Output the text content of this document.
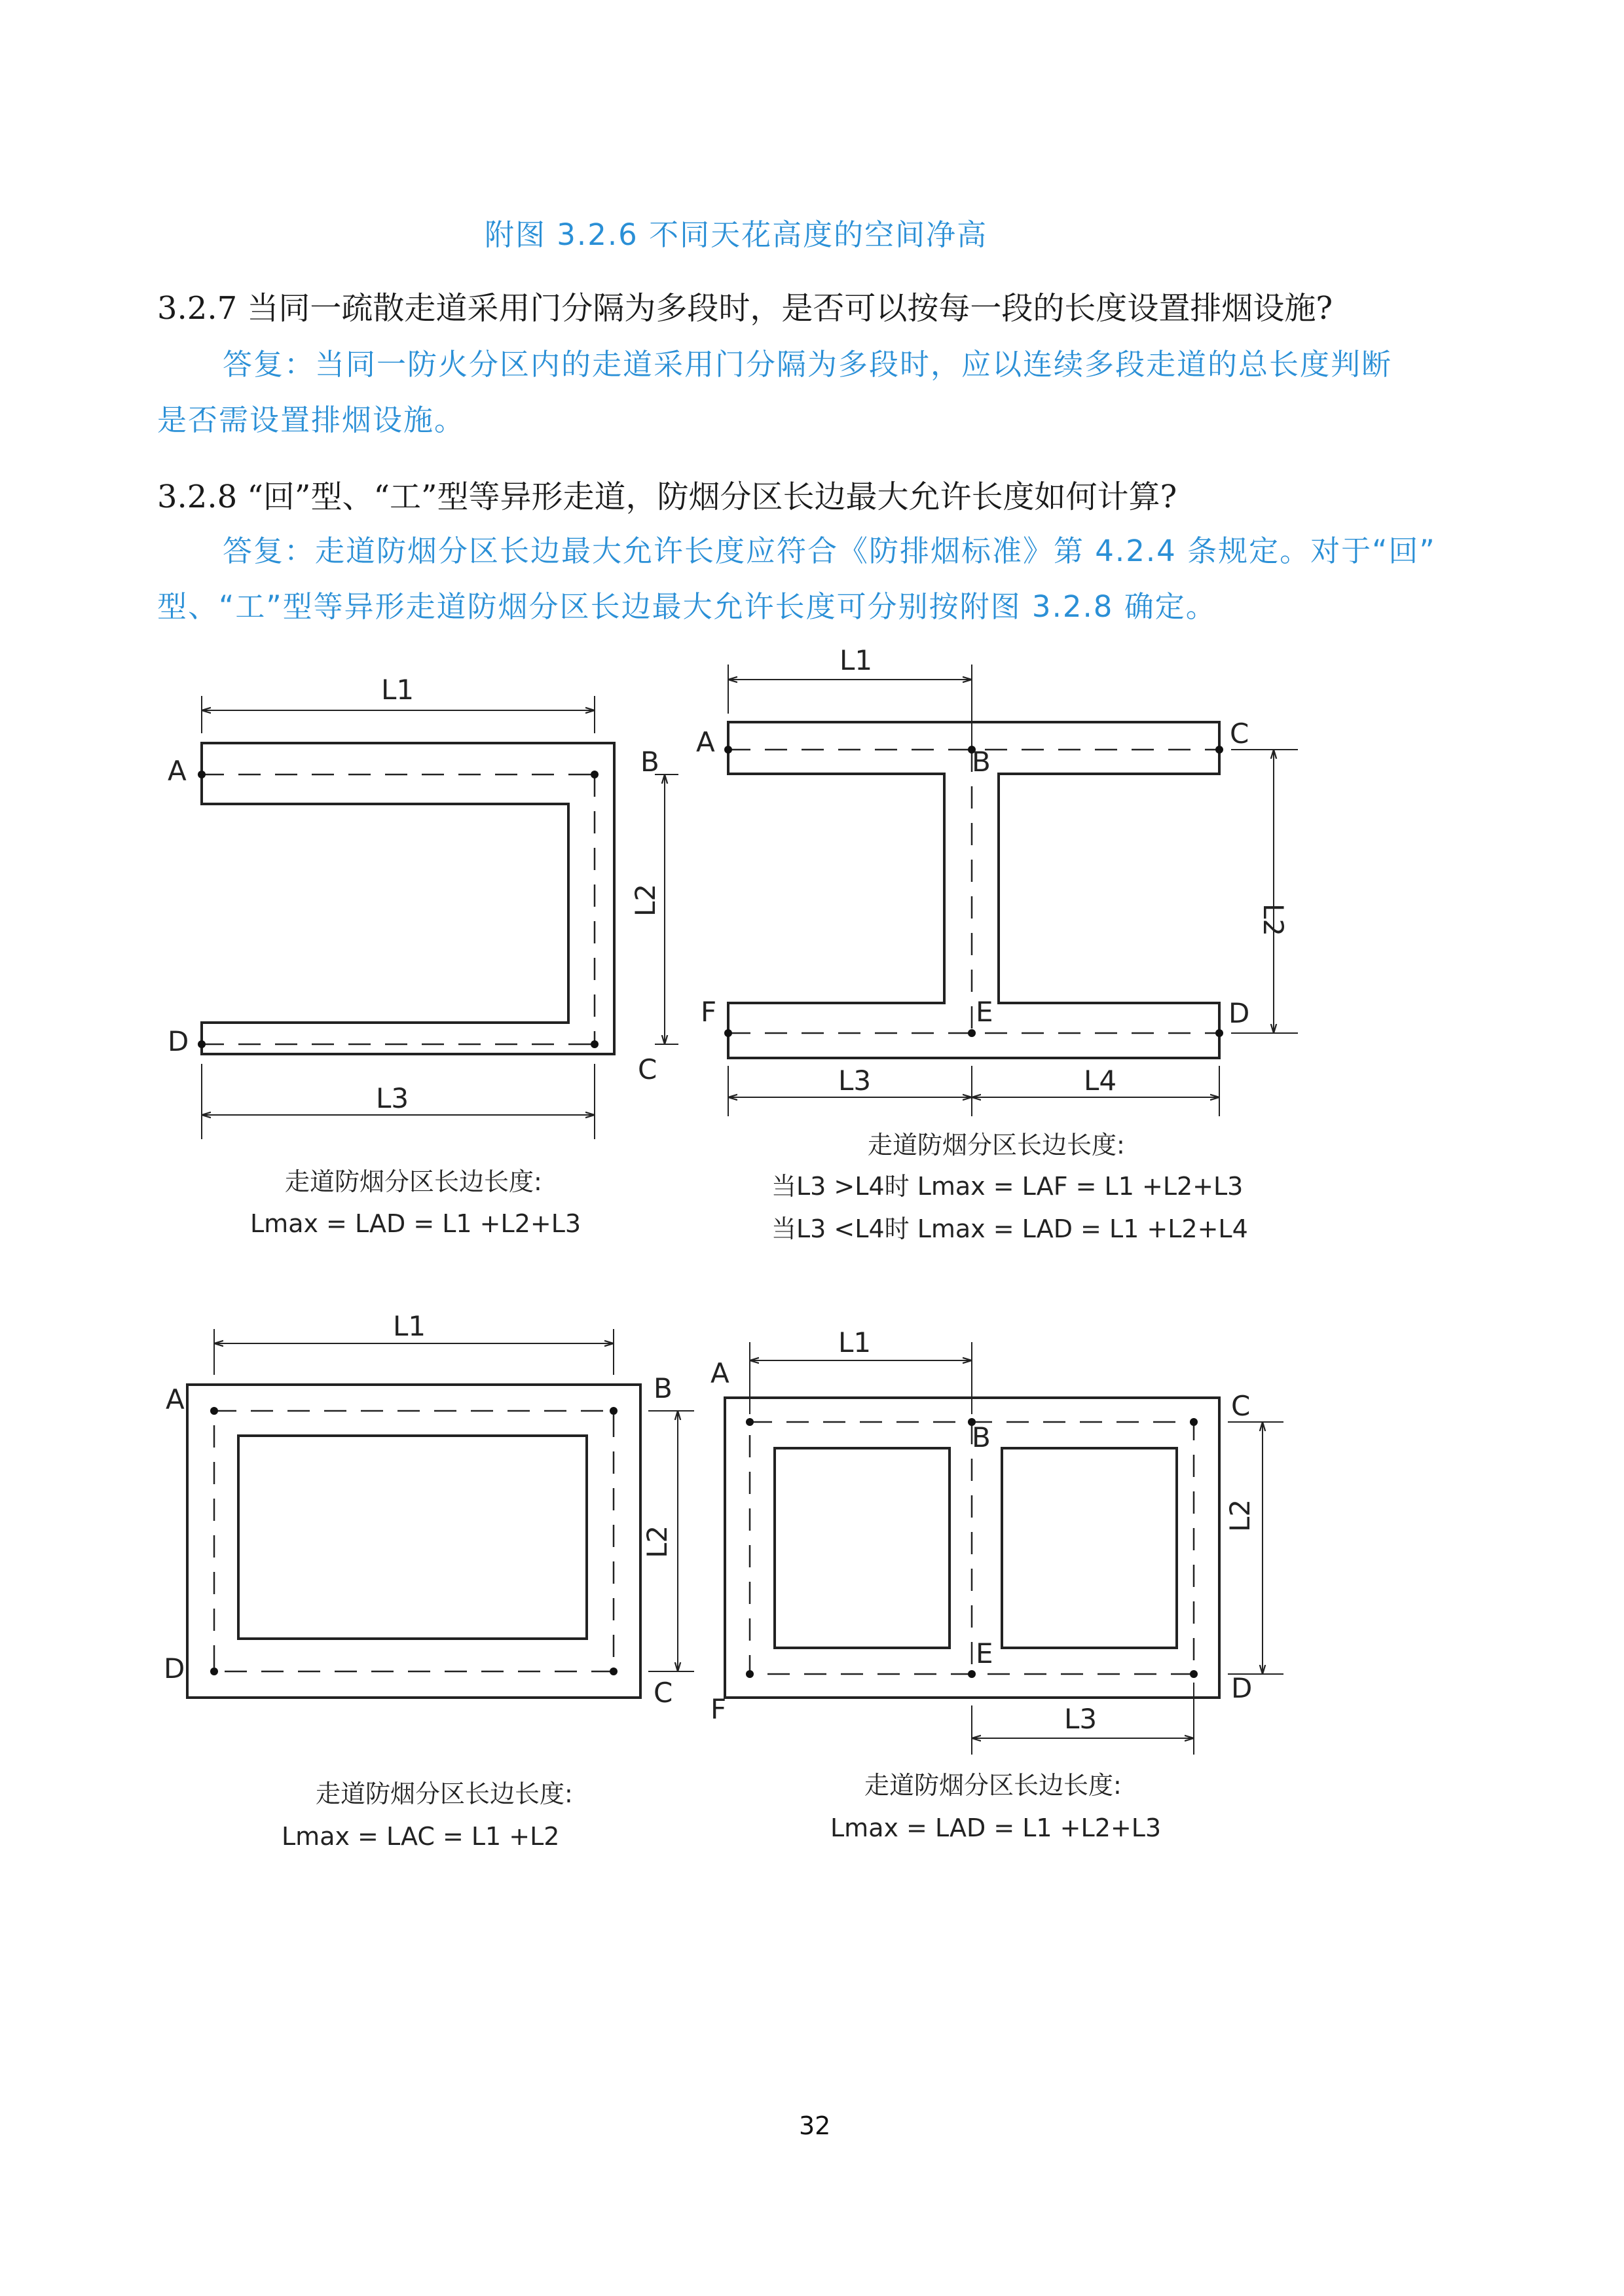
附图 3.2.6 不同天花高度的空间净高

3.2.7 当同一疏散走道采用门分隔为多段时，是否可以按每一段的长度设置排烟设施?

答复：当同一防火分区内的走道采用门分隔为多段时，应以连续多段走道的总长度判断

是否需设置排烟设施。

3.2.8 “回”型、“工”型等异形走道，防烟分区长边最大允许长度如何计算?

答复：走道防烟分区长边最大允许长度应符合《防排烟标准》第 4.2.4 条规定。对于“回”

型、“工”型等异形走道防烟分区长边最大允许长度可分别按附图 3.2.8 确定。

A	B
C
D
L1
L2
L3
走道防烟分区长边长度:
Lmax = LAD = L1 +L2+L3
A
B
C
D
E
F
L1
L2
L3	L4
走道防烟分区长边长度:
当L3 >L4时 Lmax = LAF = L1 +L2+L3
当L3 <L4时 Lmax = LAD = L1 +L2+L4
A	B
C
D
L1
L2
走道防烟分区长边长度:
Lmax = LAC = L1 +L2
A
B
C
D
E
F
L1
L2
L3
走道防烟分区长边长度:
Lmax = LAD = L1 +L2+L3

32
